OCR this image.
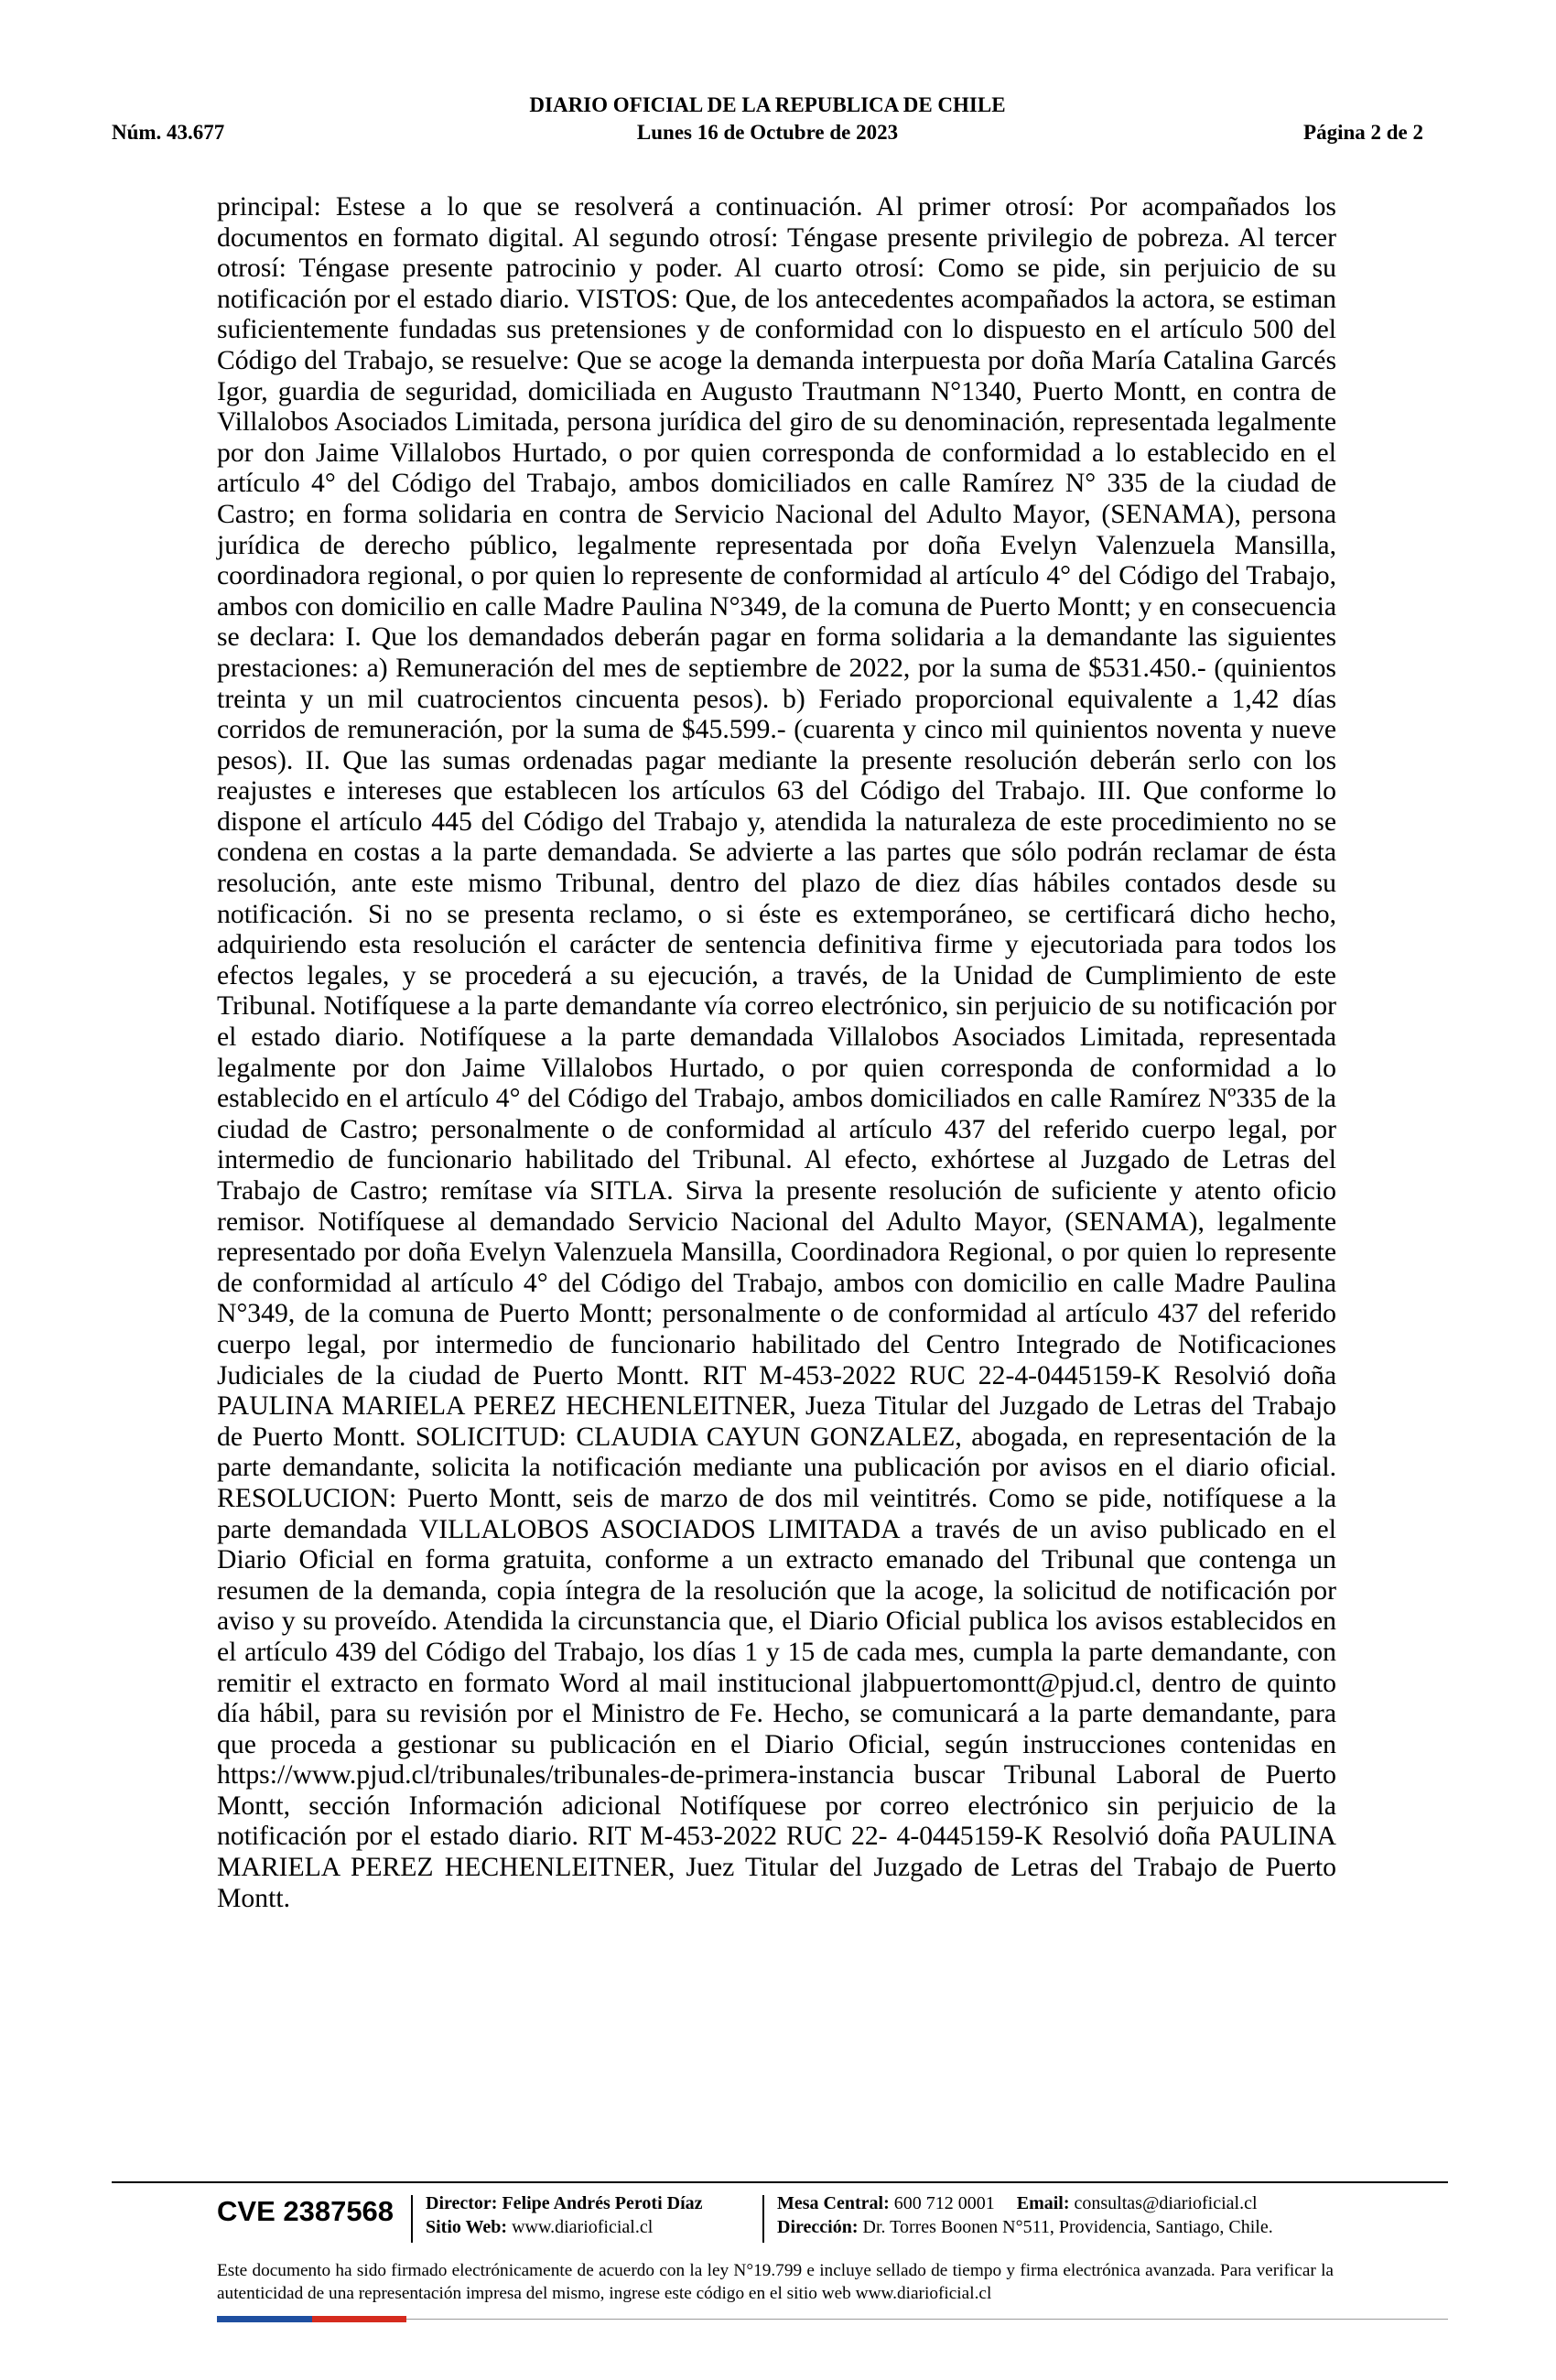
DIARIO OFICIAL DE LA REPUBLICA DE CHILE
Lunes 16 de Octubre de 2023
Núm. 43.677	Página 2 de 2
principal: Estese a lo que se resolverá a continuación. Al primer otrosí: Por acompañados los documentos en formato digital. Al segundo otrosí: Téngase presente privilegio de pobreza. Al tercer otrosí: Téngase presente patrocinio y poder. Al cuarto otrosí: Como se pide, sin perjuicio de su notificación por el estado diario. VISTOS: Que, de los antecedentes acompañados la actora, se estiman suficientemente fundadas sus pretensiones y de conformidad con lo dispuesto en el artículo 500 del Código del Trabajo, se resuelve: Que se acoge la demanda interpuesta por doña María Catalina Garcés Igor, guardia de seguridad, domiciliada en Augusto Trautmann N°1340, Puerto Montt, en contra de Villalobos Asociados Limitada, persona jurídica del giro de su denominación, representada legalmente por don Jaime Villalobos Hurtado, o por quien corresponda de conformidad a lo establecido en el artículo 4° del Código del Trabajo, ambos domiciliados en calle Ramírez N° 335 de la ciudad de Castro; en forma solidaria en contra de Servicio Nacional del Adulto Mayor, (SENAMA), persona jurídica de derecho público, legalmente representada por doña Evelyn Valenzuela Mansilla, coordinadora regional, o por quien lo represente de conformidad al artículo 4° del Código del Trabajo, ambos con domicilio en calle Madre Paulina N°349, de la comuna de Puerto Montt; y en consecuencia se declara: I. Que los demandados deberán pagar en forma solidaria a la demandante las siguientes prestaciones: a) Remuneración del mes de septiembre de 2022, por la suma de $531.450.- (quinientos treinta y un mil cuatrocientos cincuenta pesos). b) Feriado proporcional equivalente a 1,42 días corridos de remuneración, por la suma de $45.599.- (cuarenta y cinco mil quinientos noventa y nueve pesos). II. Que las sumas ordenadas pagar mediante la presente resolución deberán serlo con los reajustes e intereses que establecen los artículos 63 del Código del Trabajo. III. Que conforme lo dispone el artículo 445 del Código del Trabajo y, atendida la naturaleza de este procedimiento no se condena en costas a la parte demandada. Se advierte a las partes que sólo podrán reclamar de ésta resolución, ante este mismo Tribunal, dentro del plazo de diez días hábiles contados desde su notificación. Si no se presenta reclamo, o si éste es extemporáneo, se certificará dicho hecho, adquiriendo esta resolución el carácter de sentencia definitiva firme y ejecutoriada para todos los efectos legales, y se procederá a su ejecución, a través, de la Unidad de Cumplimiento de este Tribunal. Notifíquese a la parte demandante vía correo electrónico, sin perjuicio de su notificación por el estado diario. Notifíquese a la parte demandada Villalobos Asociados Limitada, representada legalmente por don Jaime Villalobos Hurtado, o por quien corresponda de conformidad a lo establecido en el artículo 4° del Código del Trabajo, ambos domiciliados en calle Ramírez Nº335 de la ciudad de Castro; personalmente o de conformidad al artículo 437 del referido cuerpo legal, por intermedio de funcionario habilitado del Tribunal. Al efecto, exhórtese al Juzgado de Letras del Trabajo de Castro; remítase vía SITLA. Sirva la presente resolución de suficiente y atento oficio remisor. Notifíquese al demandado Servicio Nacional del Adulto Mayor, (SENAMA), legalmente representado por doña Evelyn Valenzuela Mansilla, Coordinadora Regional, o por quien lo represente de conformidad al artículo 4° del Código del Trabajo, ambos con domicilio en calle Madre Paulina N°349, de la comuna de Puerto Montt; personalmente o de conformidad al artículo 437 del referido cuerpo legal, por intermedio de funcionario habilitado del Centro Integrado de Notificaciones Judiciales de la ciudad de Puerto Montt. RIT M-453-2022 RUC 22-4-0445159-K Resolvió doña PAULINA MARIELA PEREZ HECHENLEITNER, Jueza Titular del Juzgado de Letras del Trabajo de Puerto Montt. SOLICITUD: CLAUDIA CAYUN GONZALEZ, abogada, en representación de la parte demandante, solicita la notificación mediante una publicación por avisos en el diario oficial. RESOLUCION: Puerto Montt, seis de marzo de dos mil veintitrés. Como se pide, notifíquese a la parte demandada VILLALOBOS ASOCIADOS LIMITADA a través de un aviso publicado en el Diario Oficial en forma gratuita, conforme a un extracto emanado del Tribunal que contenga un resumen de la demanda, copia íntegra de la resolución que la acoge, la solicitud de notificación por aviso y su proveído. Atendida la circunstancia que, el Diario Oficial publica los avisos establecidos en el artículo 439 del Código del Trabajo, los días 1 y 15 de cada mes, cumpla la parte demandante, con remitir el extracto en formato Word al mail institucional jlabpuertomontt@pjud.cl, dentro de quinto día hábil, para su revisión por el Ministro de Fe. Hecho, se comunicará a la parte demandante, para que proceda a gestionar su publicación en el Diario Oficial, según instrucciones contenidas en https://www.pjud.cl/tribunales/tribunales-de-primera-instancia buscar Tribunal Laboral de Puerto Montt, sección Información adicional Notifíquese por correo electrónico sin perjuicio de la notificación por el estado diario. RIT M-453-2022 RUC 22- 4-0445159-K Resolvió doña PAULINA MARIELA PEREZ HECHENLEITNER, Juez Titular del Juzgado de Letras del Trabajo de Puerto Montt.
CVE 2387568 Director: Felipe Andrés Peroti Díaz
Sitio Web: www.diarioficial.cl
Mesa Central: 600 712 0001 Email: consultas@diarioficial.cl
Dirección: Dr. Torres Boonen N°511, Providencia, Santiago, Chile.
Este documento ha sido firmado electrónicamente de acuerdo con la ley N°19.799 e incluye sellado de tiempo y firma electrónica avanzada. Para verificar la autenticidad de una representación impresa del mismo, ingrese este código en el sitio web www.diarioficial.cl
